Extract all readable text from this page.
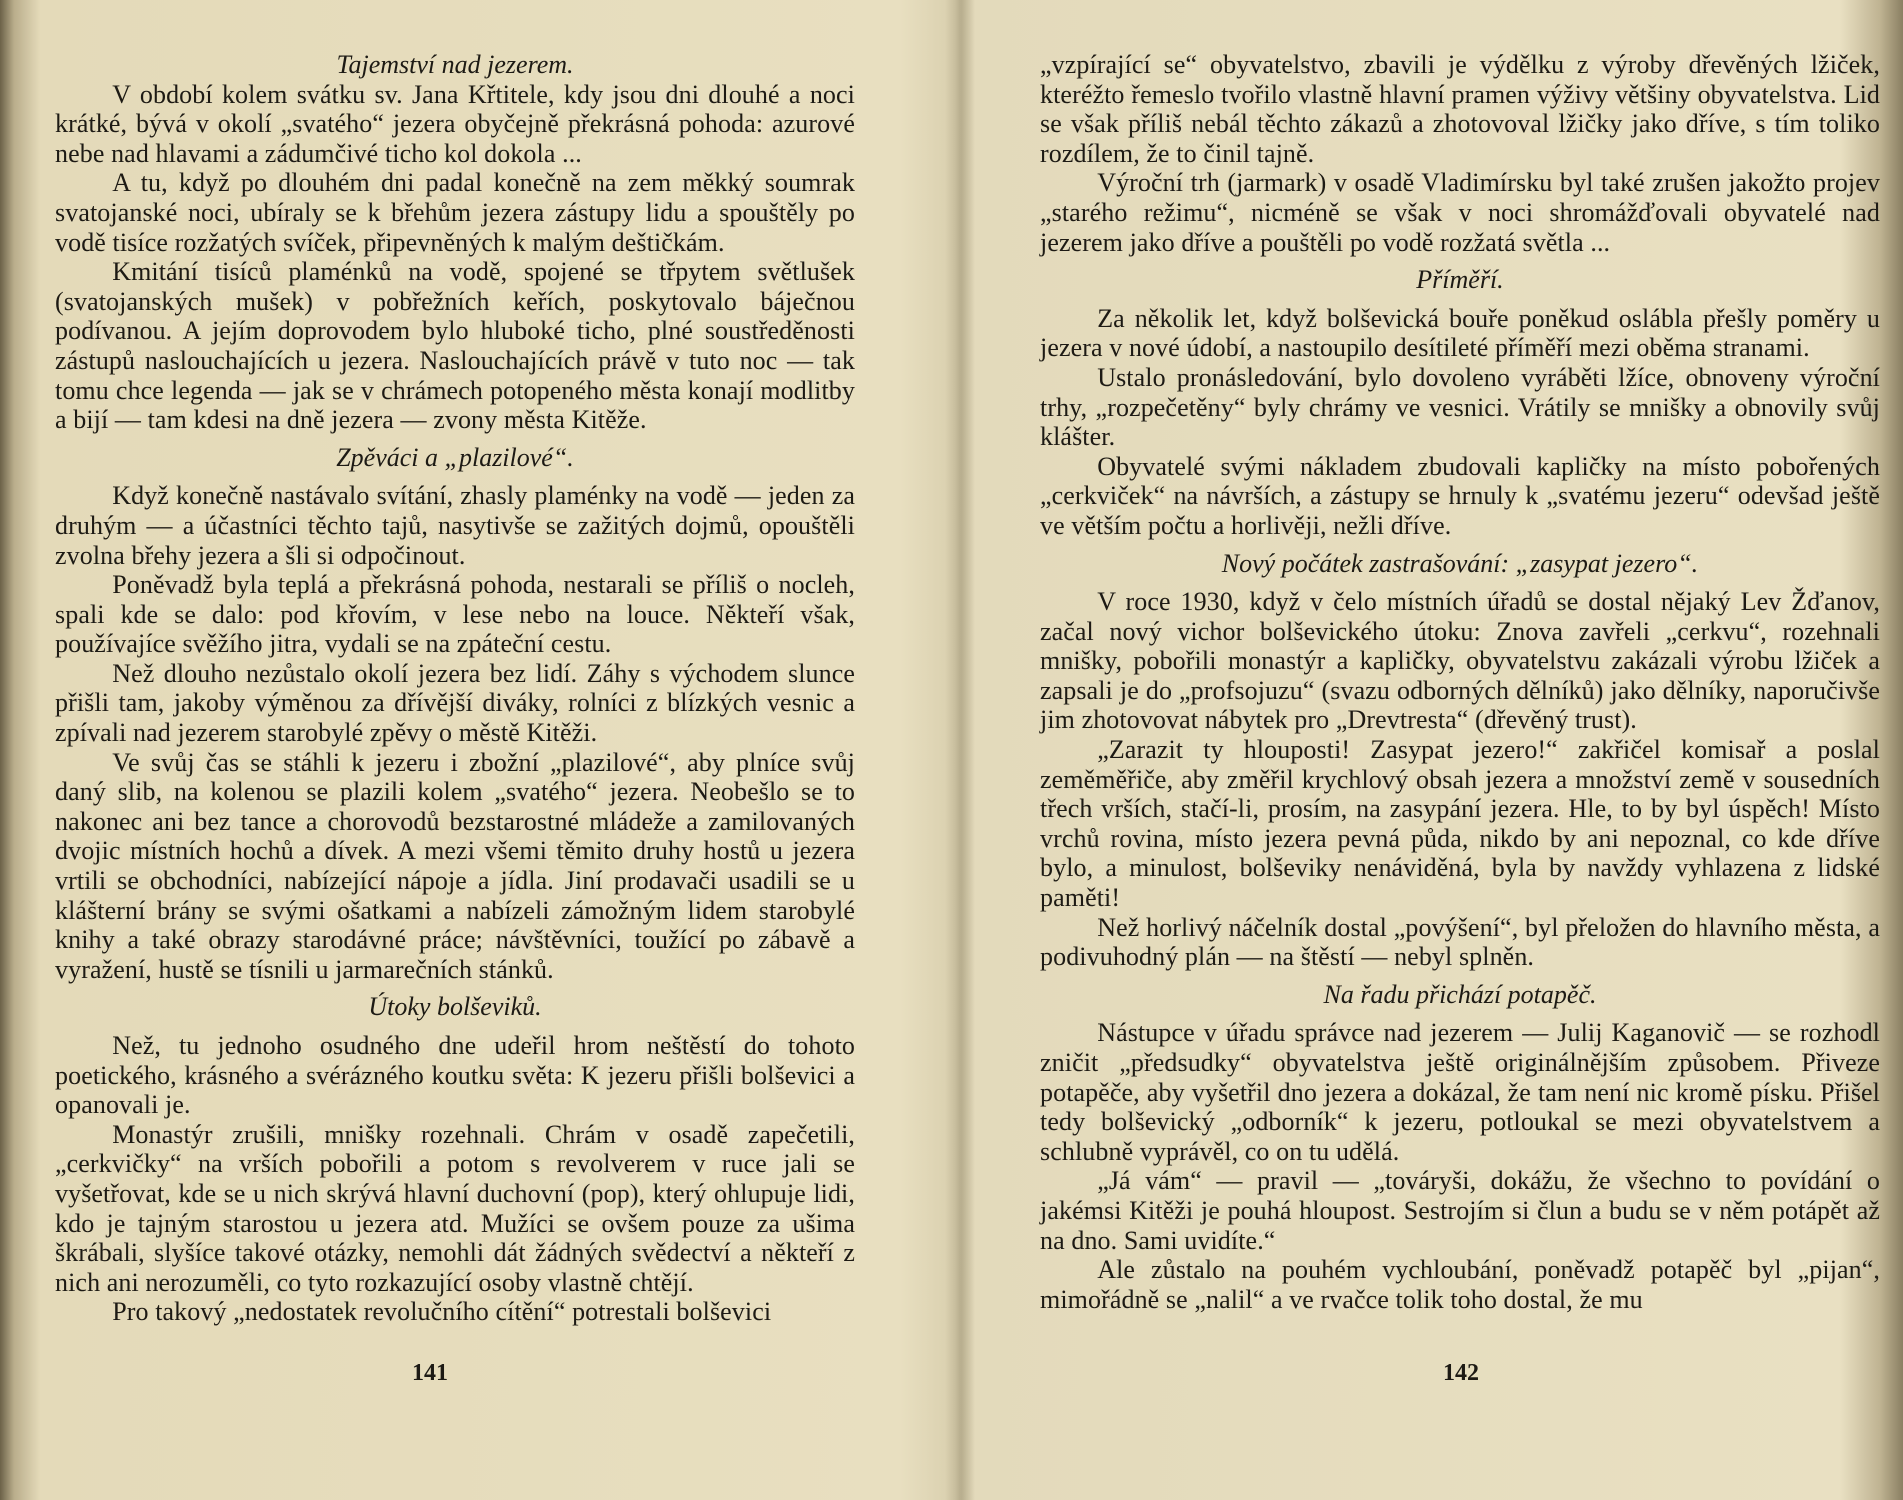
Tajemství nad jezerem.

V období kolem svátku sv. Jana Křtitele, kdy jsou dni dlouhé a noci krátké, bývá v okolí „svatého“ jezera obyčejně překrásná pohoda: azurové nebe nad hlavami a zádumčivé ticho kol dokola ...

A tu, když po dlouhém dni padal konečně na zem měkký soumrak svatojanské noci, ubíraly se k břehům jezera zástupy lidu a spouštěly po vodě tisíce rozžatých svíček, připevněných k malým deštičkám.

Kmitání tisíců plaménků na vodě, spojené se třpytem světlušek (svatojanských mušek) v pobřežních keřích, poskytovalo báječnou podívanou. A jejím doprovodem bylo hluboké ticho, plné soustředěnosti zástupů naslouchajících u jezera. Naslouchajících právě v tuto noc — tak tomu chce legenda — jak se v chrámech potopeného města konají modlitby a bijí — tam kdesi na dně jezera — zvony města Kitěže.

Zpěváci a „plazilové“.

Když konečně nastávalo svítání, zhasly plaménky na vodě — jeden za druhým — a účastníci těchto tajů, nasytivše se zažitých dojmů, opouštěli zvolna břehy jezera a šli si odpočinout.

Poněvadž byla teplá a překrásná pohoda, nestarali se příliš o nocleh, spali kde se dalo: pod křovím, v lese nebo na louce. Někteří však, používajíce svěžího jitra, vydali se na zpáteční cestu.

Než dlouho nezůstalo okolí jezera bez lidí. Záhy s východem slunce přišli tam, jakoby výměnou za dřívější diváky, rolníci z blízkých vesnic a zpívali nad jezerem starobylé zpěvy o městě Kitěži.

Ve svůj čas se stáhli k jezeru i zbožní „plazilové“, aby plníce svůj daný slib, na kolenou se plazili kolem „svatého“ jezera. Neobešlo se to nakonec ani bez tance a chorovodů bezstarostné mládeže a zamilovaných dvojic místních hochů a dívek. A mezi všemi těmito druhy hostů u jezera vrtili se obchodníci, nabízející nápoje a jídla. Jiní prodavači usadili se u klášterní brány se svými ošatkami a nabízeli zámožným lidem starobylé knihy a také obrazy starodávné práce; návštěvníci, toužící po zábavě a vyražení, hustě se tísnili u jarmarečních stánků.

Útoky bolševiků.

Než, tu jednoho osudného dne udeřil hrom neštěstí do tohoto poetického, krásného a svérázného koutku světa: K jezeru přišli bolševici a opanovali je.

Monastýr zrušili, mnišky rozehnali. Chrám v osadě zapečetili, „cerkvičky“ na vrších pobořili a potom s revolverem v ruce jali se vyšetřovat, kde se u nich skrývá hlavní duchovní (pop), který ohlupuje lidi, kdo je tajným starostou u jezera atd. Mužíci se ovšem pouze za ušima škrábali, slyšíce takové otázky, nemohli dát žádných svědectví a někteří z nich ani nerozuměli, co tyto rozkazující osoby vlastně chtějí.

Pro takový „nedostatek revolučního cítění“ potrestali bolševici

141

„vzpírající se“ obyvatelstvo, zbavili je výdělku z výroby dřevěných lžiček, kteréžto řemeslo tvořilo vlastně hlavní pramen výživy většiny obyvatelstva. Lid se však příliš nebál těchto zákazů a zhotovoval lžičky jako dříve, s tím toliko rozdílem, že to činil tajně.

Výroční trh (jarmark) v osadě Vladimírsku byl také zrušen jakožto projev „starého režimu“, nicméně se však v noci shromážďovali obyvatelé nad jezerem jako dříve a pouštěli po vodě rozžatá světla ...

Příměří.

Za několik let, když bolševická bouře poněkud oslábla přešly poměry u jezera v nové údobí, a nastoupilo desítileté příměří mezi oběma stranami.

Ustalo pronásledování, bylo dovoleno vyráběti lžíce, obnoveny výroční trhy, „rozpečetěny“ byly chrámy ve vesnici. Vrátily se mnišky a obnovily svůj klášter.

Obyvatelé svými nákladem zbudovali kapličky na místo pobořených „cerkviček“ na návrších, a zástupy se hrnuly k „svatému jezeru“ odevšad ještě ve větším počtu a horlivěji, nežli dříve.

Nový počátek zastrašování: „zasypat jezero“.

V roce 1930, když v čelo místních úřadů se dostal nějaký Lev Žďanov, začal nový vichor bolševického útoku: Znova zavřeli „cerkvu“, rozehnali mnišky, pobořili monastýr a kapličky, obyvatelstvu zakázali výrobu lžiček a zapsali je do „profsojuzu“ (svazu odborných dělníků) jako dělníky, naporučivše jim zhotovovat nábytek pro „Drevtresta“ (dřevěný trust).

„Zarazit ty hlouposti! Zasypat jezero!“ zakřičel komisař a poslal zeměměřiče, aby změřil krychlový obsah jezera a množství země v sousedních třech vrších, stačí-li, prosím, na zasypání jezera. Hle, to by byl úspěch! Místo vrchů rovina, místo jezera pevná půda, nikdo by ani nepoznal, co kde dříve bylo, a minulost, bolševiky nenáviděná, byla by navždy vyhlazena z lidské paměti!

Než horlivý náčelník dostal „povýšení“, byl přeložen do hlavního města, a podivuhodný plán — na štěstí — nebyl splněn.

Na řadu přichází potapěč.

Nástupce v úřadu správce nad jezerem — Julij Kaganovič — se rozhodl zničit „předsudky“ obyvatelstva ještě originálnějším způsobem. Přiveze potapěče, aby vyšetřil dno jezera a dokázal, že tam není nic kromě písku. Přišel tedy bolševický „odborník“ k jezeru, potloukal se mezi obyvatelstvem a schlubně vyprávěl, co on tu udělá.

„Já vám“ — pravil — „továryši, dokážu, že všechno to povídání o jakémsi Kitěži je pouhá hloupost. Sestrojím si člun a budu se v něm potápět až na dno. Sami uvidíte.“

Ale zůstalo na pouhém vychloubání, poněvadž potapěč byl „pijan“, mimořádně se „nalil“ a ve rvačce tolik toho dostal, že mu

142
